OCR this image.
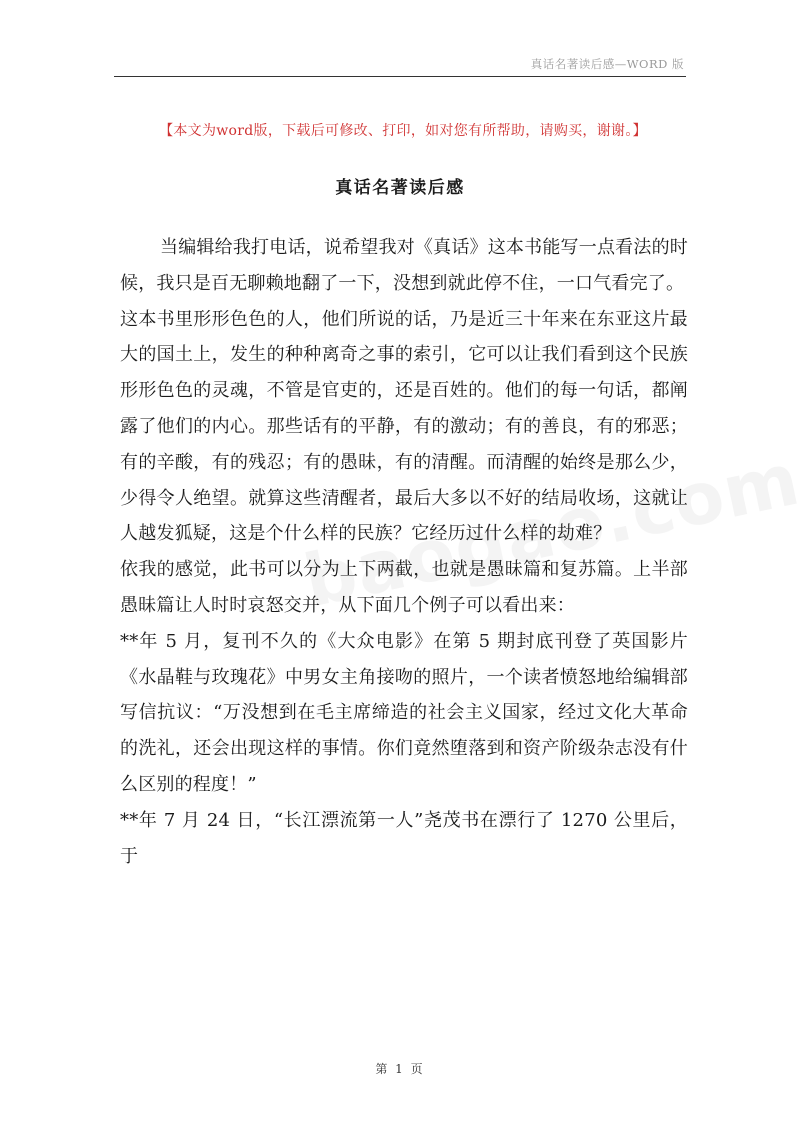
真话名著读后感—WORD 版
【本文为word版，下载后可修改、打印，如对您有所帮助，请购买，谢谢。】
真话名著读后感

当编辑给我打电话，说希望我对《真话》这本书能写一点看法的时候，我只是百无聊赖地翻了一下，没想到就此停不住，一口气看完了。

这本书里形形色色的人，他们所说的话，乃是近三十年来在东亚这片最大的国土上，发生的种种离奇之事的索引，它可以让我们看到这个民族形形色色的灵魂，不管是官吏的，还是百姓的。他们的每一句话，都阐露了他们的内心。那些话有的平静，有的激动；有的善良，有的邪恶；有的辛酸，有的残忍；有的愚昧，有的清醒。而清醒的始终是那么少，少得令人绝望。就算这些清醒者，最后大多以不好的结局收场，这就让人越发狐疑，这是个什么样的民族？它经历过什么样的劫难？

依我的感觉，此书可以分为上下两截，也就是愚昧篇和复苏篇。上半部愚昧篇让人时时哀怒交并，从下面几个例子可以看出来：

**年 5 月，复刊不久的《大众电影》在第 5 期封底刊登了英国影片《水晶鞋与玫瑰花》中男女主角接吻的照片，一个读者愤怒地给编辑部写信抗议：“万没想到在毛主席缔造的社会主义国家，经过文化大革命的洗礼，还会出现这样的事情。你们竟然堕落到和资产阶级杂志没有什么区别的程度！”

**年 7 月 24 日，“长江漂流第一人”尧茂书在漂行了 1270 公里后，于

第 1 页
